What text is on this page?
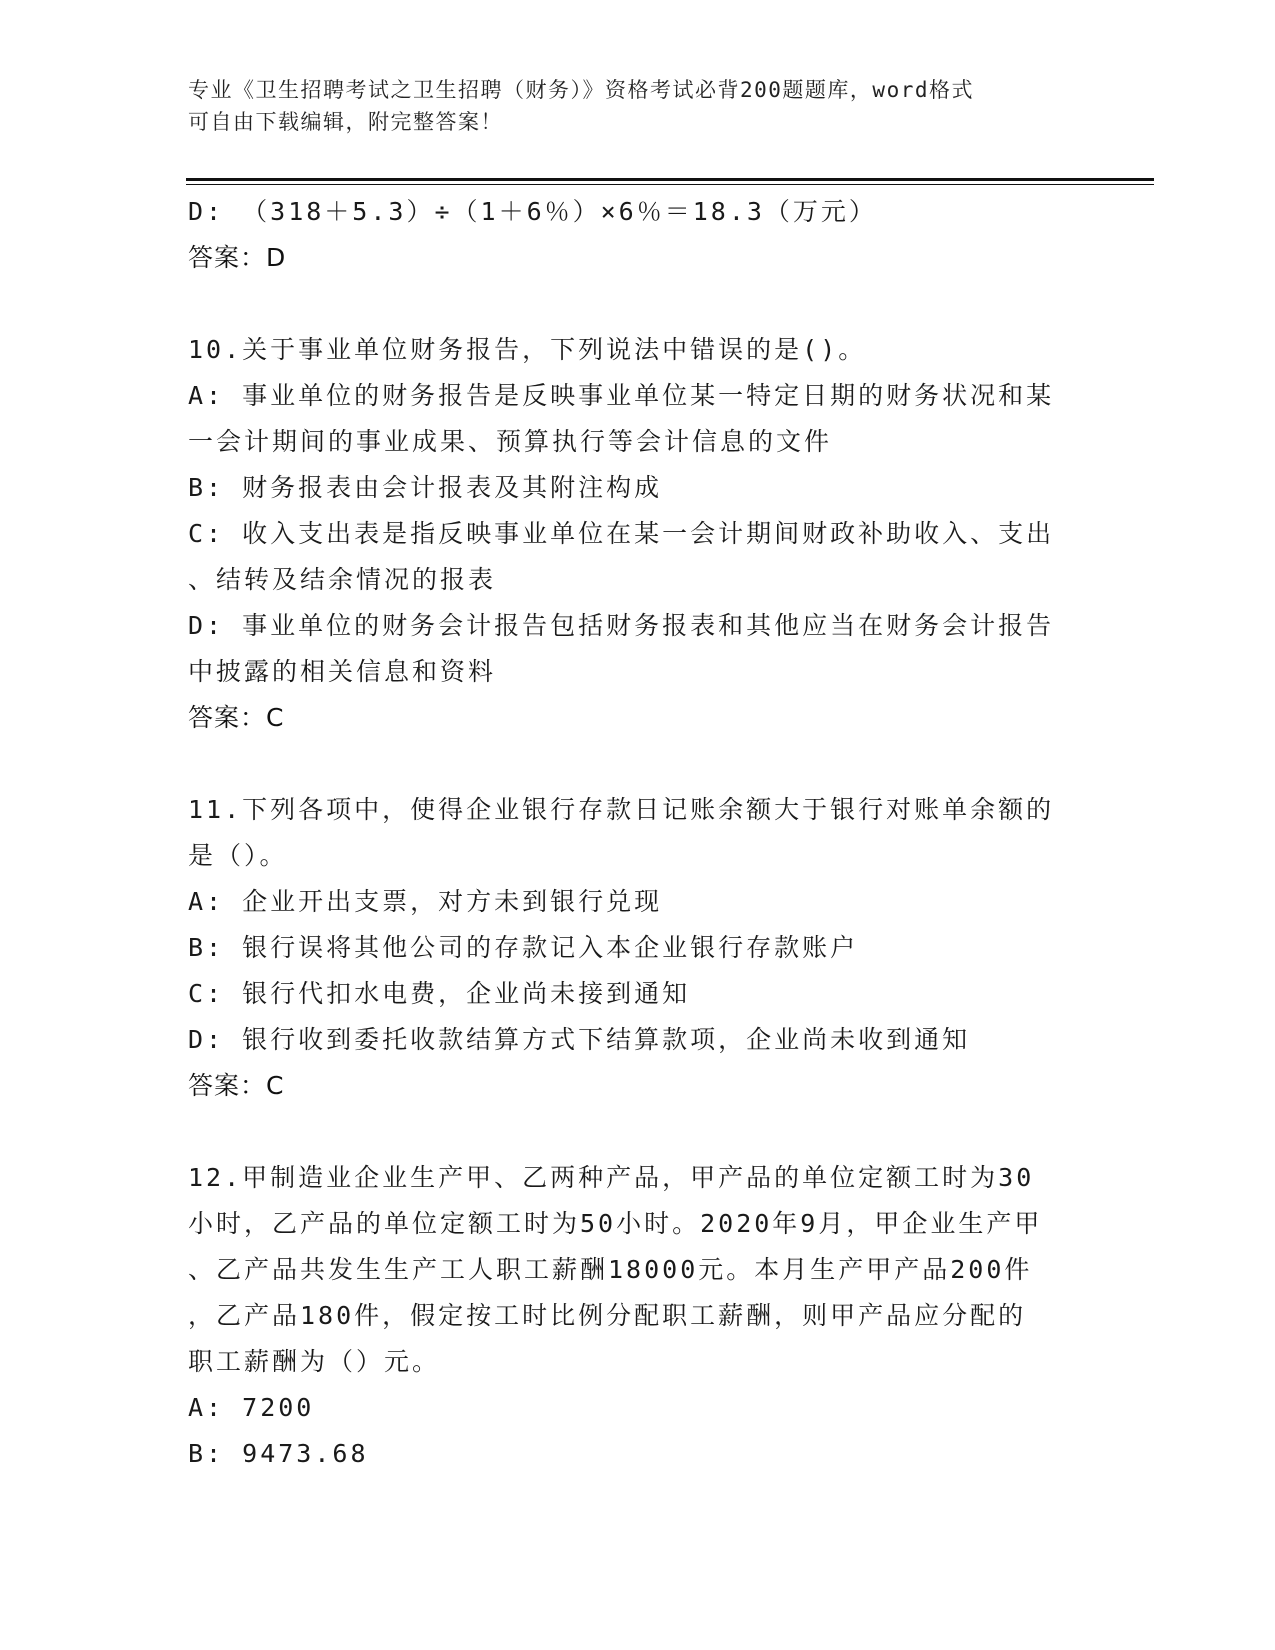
专业《卫生招聘考试之卫生招聘（财务）》资格考试必背200题题库，word格式
可自由下载编辑，附完整答案！
D: （318＋5.3）÷（1＋6％）×6％＝18.3（万元）
答案：D
10.关于事业单位财务报告，下列说法中错误的是()。
A: 事业单位的财务报告是反映事业单位某一特定日期的财务状况和某
一会计期间的事业成果、预算执行等会计信息的文件
B: 财务报表由会计报表及其附注构成
C: 收入支出表是指反映事业单位在某一会计期间财政补助收入、支出
、结转及结余情况的报表
D: 事业单位的财务会计报告包括财务报表和其他应当在财务会计报告
中披露的相关信息和资料
答案：C
11.下列各项中，使得企业银行存款日记账余额大于银行对账单余额的
是（）。
A: 企业开出支票，对方未到银行兑现
B: 银行误将其他公司的存款记入本企业银行存款账户
C: 银行代扣水电费，企业尚未接到通知
D: 银行收到委托收款结算方式下结算款项，企业尚未收到通知
答案：C
12.甲制造业企业生产甲、乙两种产品，甲产品的单位定额工时为30
小时，乙产品的单位定额工时为50小时。2020年9月，甲企业生产甲
、乙产品共发生生产工人职工薪酬18000元。本月生产甲产品200件
，乙产品180件，假定按工时比例分配职工薪酬，则甲产品应分配的
职工薪酬为（）元。
A: 7200
B: 9473.68
